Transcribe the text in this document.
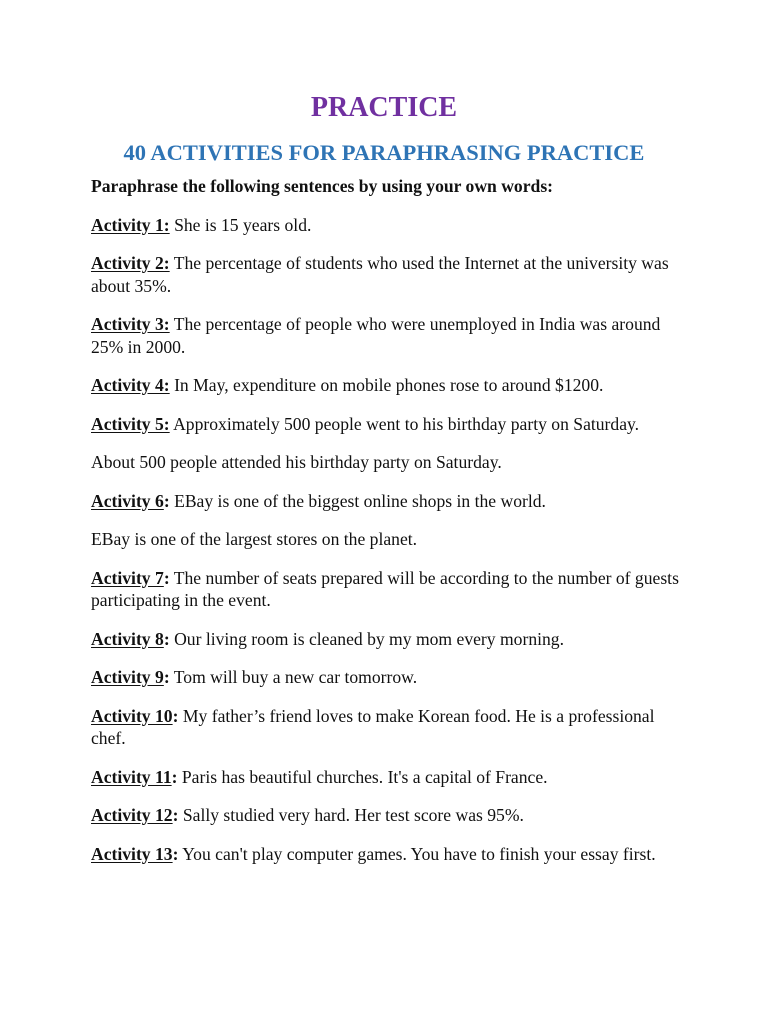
PRACTICE
40 ACTIVITIES FOR PARAPHRASING PRACTICE

Paraphrase the following sentences by using your own words:

Activity 1: She is 15 years old.

Activity 2: The percentage of students who used the Internet at the university was about 35%.

Activity 3: The percentage of people who were unemployed in India was around 25% in 2000.

Activity 4: In May, expenditure on mobile phones rose to around $1200.

Activity 5: Approximately 500 people went to his birthday party on Saturday.

About 500 people attended his birthday party on Saturday.

Activity 6: EBay is one of the biggest online shops in the world.

EBay is one of the largest stores on the planet.

Activity 7: The number of seats prepared will be according to the number of guests participating in the event.

Activity 8: Our living room is cleaned by my mom every morning.

Activity 9: Tom will buy a new car tomorrow.

Activity 10: My father’s friend loves to make Korean food. He is a professional chef.

Activity 11: Paris has beautiful churches. It's a capital of France.

Activity 12: Sally studied very hard. Her test score was 95%.

Activity 13: You can't play computer games. You have to finish your essay first.
